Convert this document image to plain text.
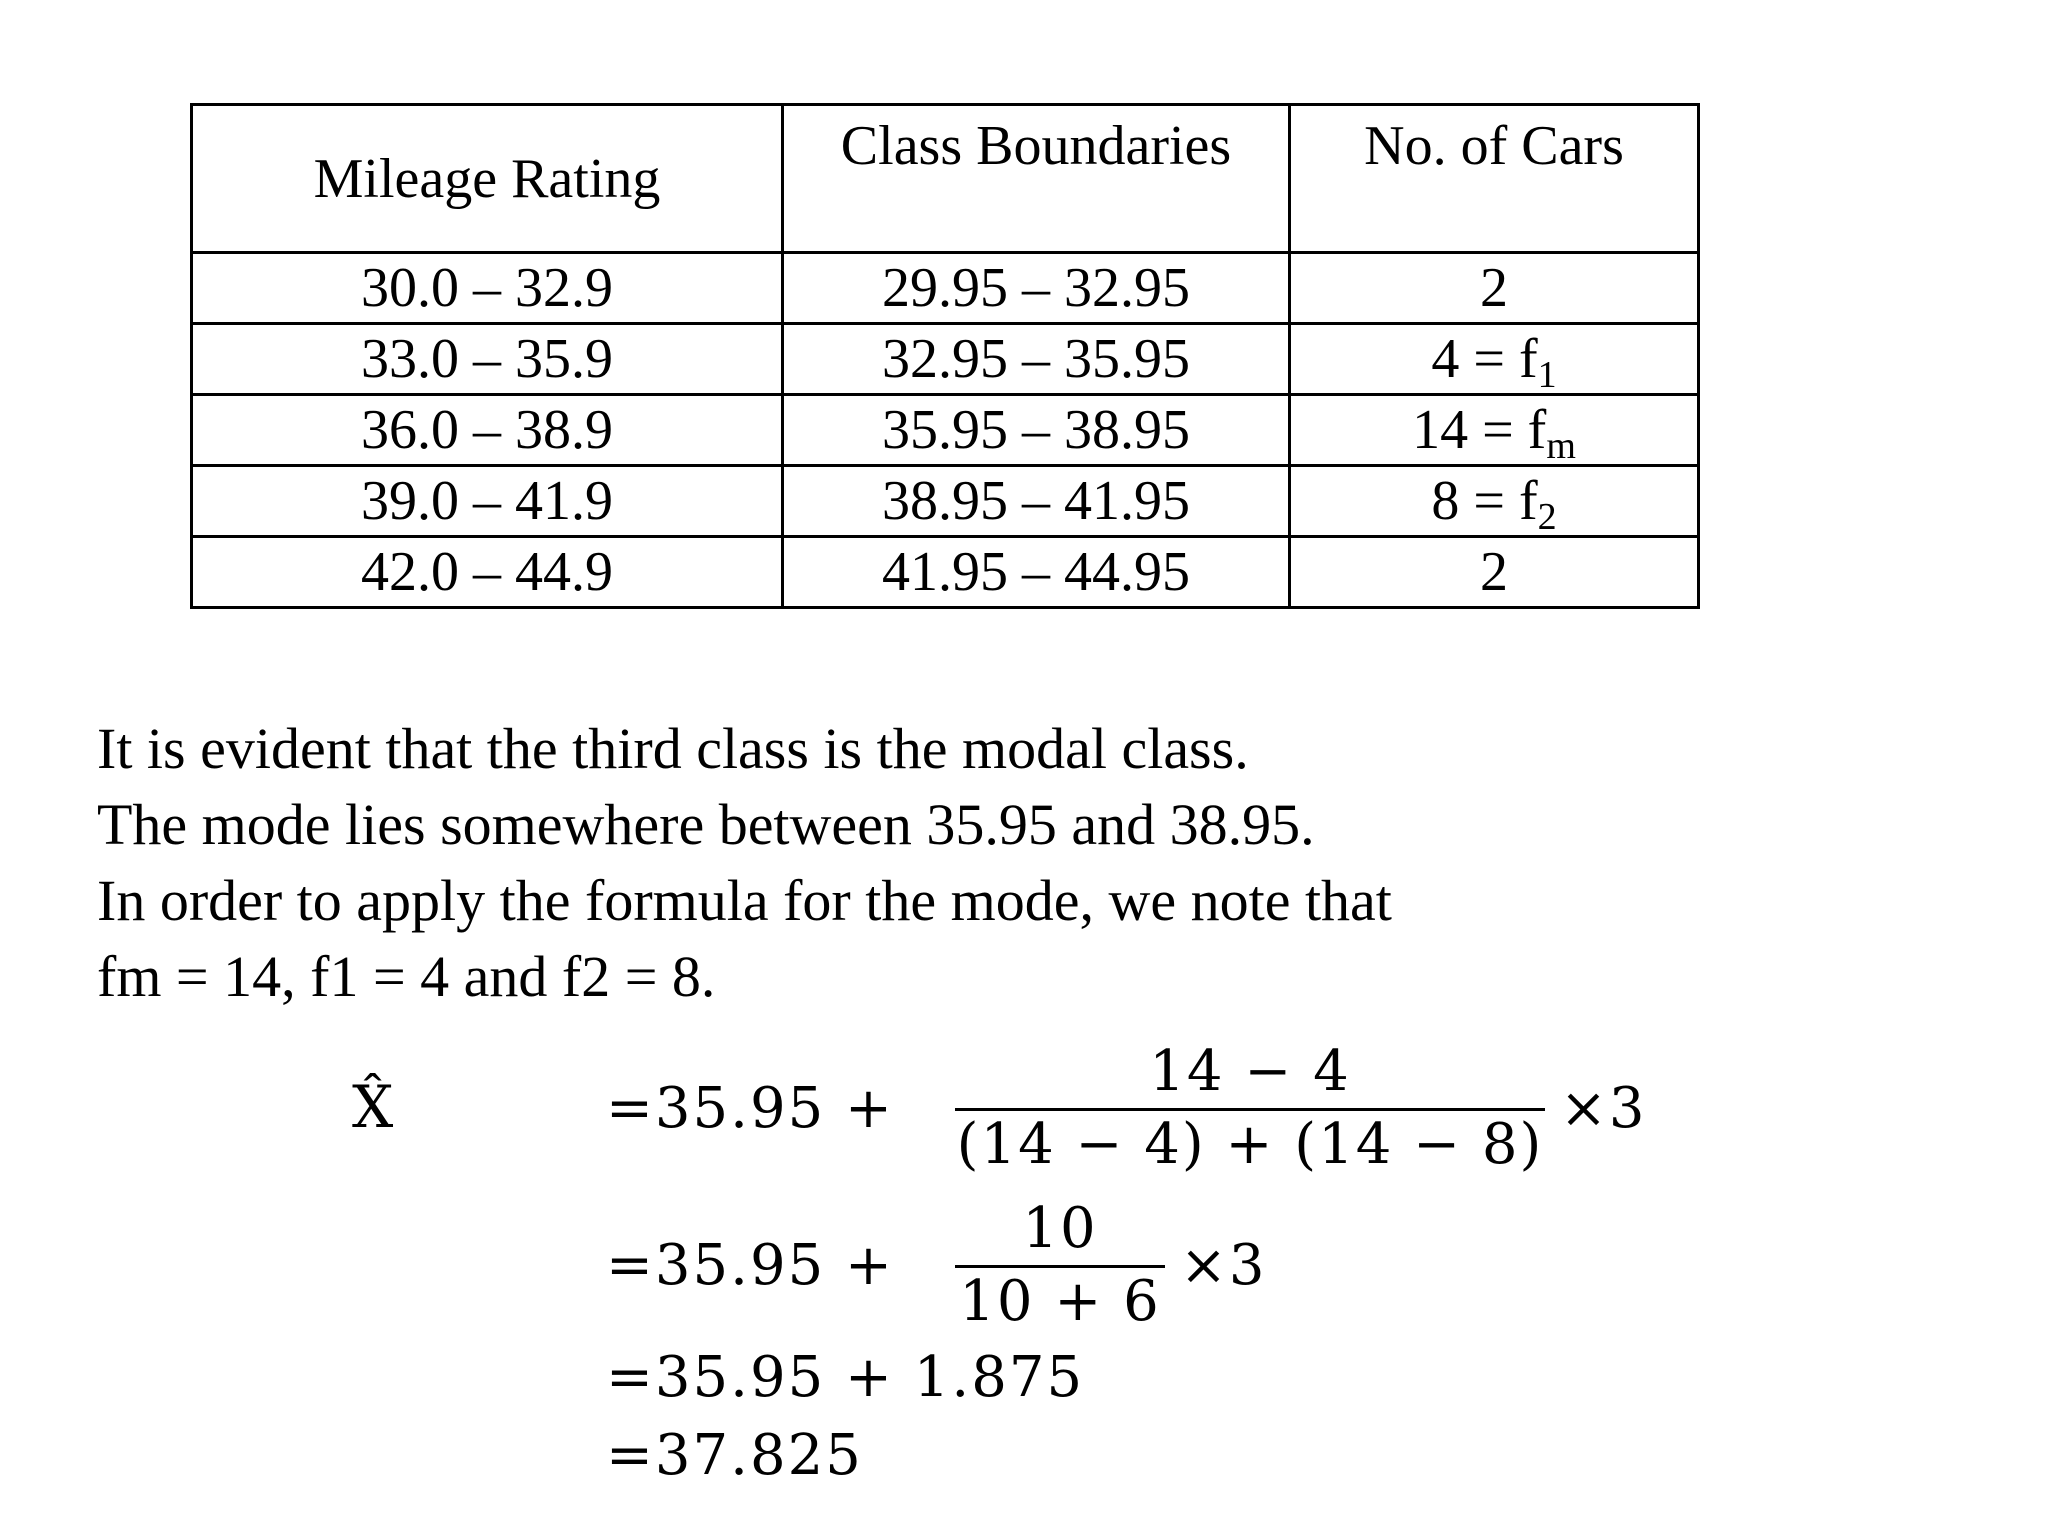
Mileage Rating	Class Boundaries	No. of Cars
30.0 – 32.9	29.95 – 32.95	2
33.0 – 35.9	32.95 – 35.95	$4 = f_1$
36.0 – 38.9	35.95 – 38.95	$14 = f_m$
39.0 – 41.9	38.95 – 41.95	$8 = f_2$
42.0 – 44.9	41.95 – 44.95	2
It is evident that the third class is the modal class.
The mode lies somewhere between 35.95 and 38.95.
In order to apply the formula for the mode, we note that
fm = 14, f1 = 4 and f2 = 8.
X̂	=35.95 +
14 − 4
(14 − 4) + (14 − 8)
×3
=35.95 +
10
10 + 6
×3
=35.95 + 1.875
=37.825
